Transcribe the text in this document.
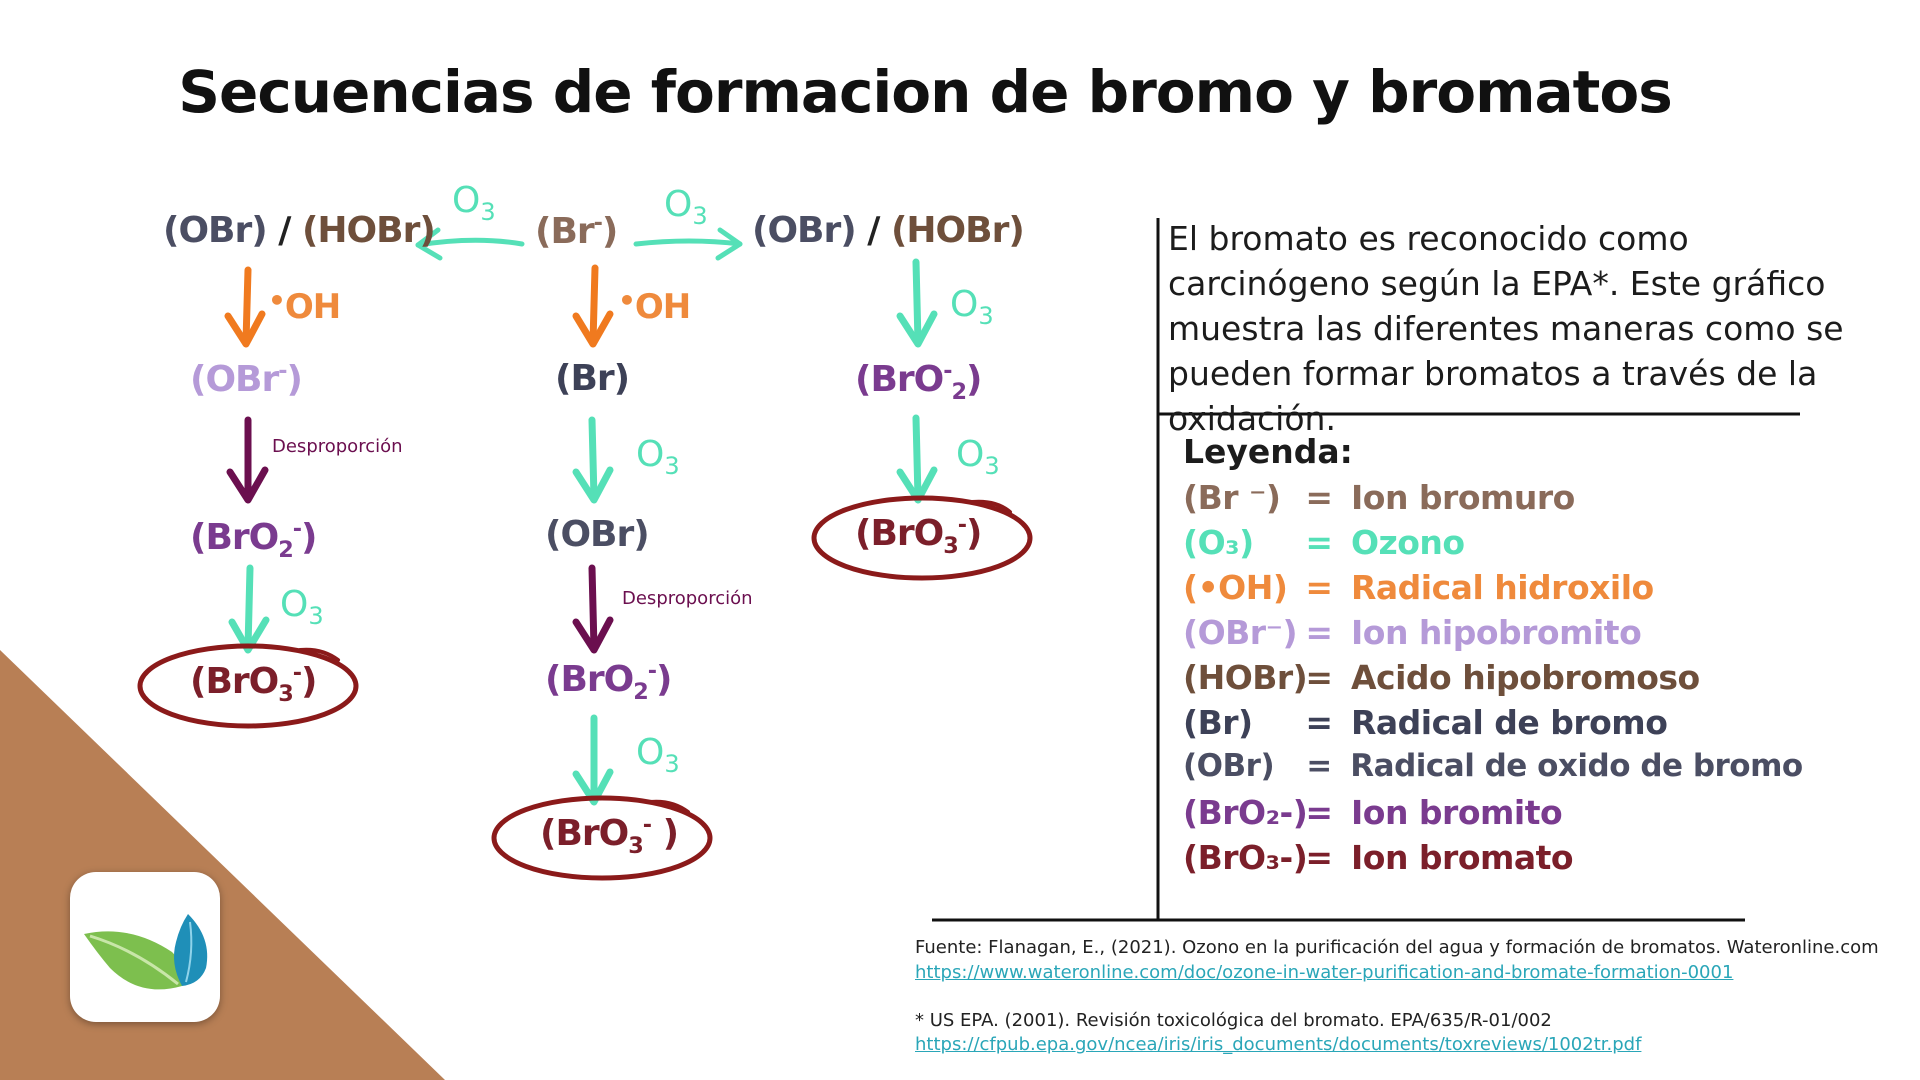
Secuencias de formacion de bromo y bromatos
(OBr) / (HOBr)	(Br-)	(OBr) / (HOBr)
$O_3$	$O_3$
•OH
(OBr-)
Desproporción
(BrO$_2$-)
$O_3$
(BrO$_3$-)
•OH
(Br)
$O_3$
(OBr)
Desproporción
(BrO$_2$-)
$O_3$
(BrO$_3$- )
$O_3$
(BrO-$_2$)
$O_3$
(BrO$_3$-)
El bromato es reconocido como carcinógeno según la EPA*. Este gráfico muestra las diferentes maneras como se pueden formar bromatos a través de la oxidación.
Leyenda:
(Br ⁻) = Ion bromuro
(O₃) = Ozono
(•OH) = Radical hidroxilo
(OBr⁻) = Ion hipobromito
(HOBr)= Acido hipobromoso
(Br) = Radical de bromo
(OBr) = Radical de oxido de bromo
(BrO₂-)= Ion bromito
(BrO₃-)= Ion bromato
Fuente: Flanagan, E., (2021). Ozono en la purificación del agua y formación de bromatos. Wateronline.com
https://www.wateronline.com/doc/ozone-in-water-purification-and-bromate-formation-0001
* US EPA. (2001). Revisión toxicológica del bromato. EPA/635/R-01/002
https://cfpub.epa.gov/ncea/iris/iris_documents/documents/toxreviews/1002tr.pdf
